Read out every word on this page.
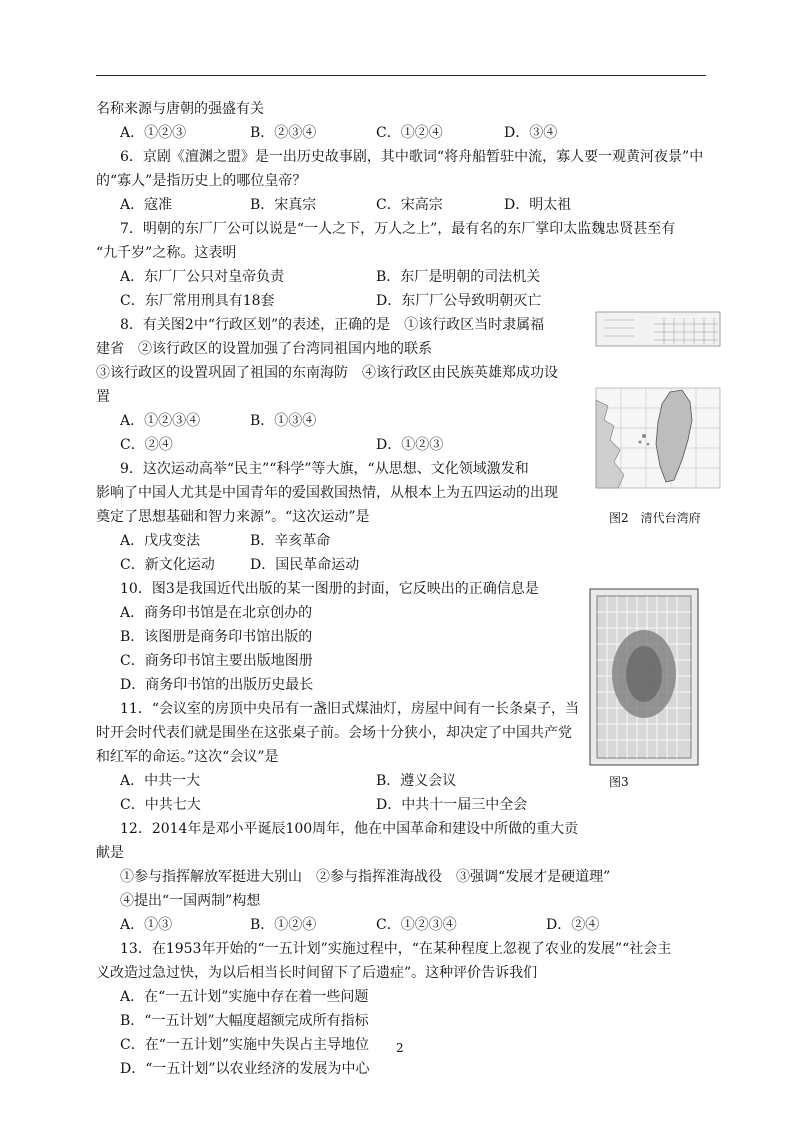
名称来源与唐朝的强盛有关
A．①②③	B．②③④	C．①②④	D．③④
6．京剧《澶渊之盟》是一出历史故事剧，其中歌词“将舟船暂驻中流，寡人要一观黄河夜景”中
的“寡人”是指历史上的哪位皇帝？
A．寇准	B．宋真宗	C．宋高宗	D．明太祖
7．明朝的东厂厂公可以说是“一人之下，万人之上”，最有名的东厂掌印太监魏忠贤甚至有
“九千岁”之称。这表明
A．东厂厂公只对皇帝负责	B．东厂是明朝的司法机关
C．东厂常用刑具有18套	D．东厂厂公导致明朝灭亡
8．有关图2中“行政区划”的表述，正确的是　①该行政区当时隶属福
建省　②该行政区的设置加强了台湾同祖国内地的联系
③该行政区的设置巩固了祖国的东南海防　④该行政区由民族英雄郑成功设
置
A．①②③④	B．①③④
C．②④	D．①②③
9．这次运动高举“民主”“科学”等大旗，“从思想、文化领域激发和
影响了中国人尤其是中国青年的爱国救国热情，从根本上为五四运动的出现
奠定了思想基础和智力来源”。“这次运动”是
A．戊戌变法	B．辛亥革命
C．新文化运动	D．国民革命运动
10．图3是我国近代出版的某一图册的封面，它反映出的正确信息是
A．商务印书馆是在北京创办的
B．该图册是商务印书馆出版的
C．商务印书馆主要出版地图册
D．商务印书馆的出版历史最长
11．“会议室的房顶中央吊有一盏旧式煤油灯，房屋中间有一长条桌子，当
时开会时代表们就是围坐在这张桌子前。会场十分狭小，却决定了中国共产党
和红军的命运。”这次“会议”是
A．中共一大	B．遵义会议
C．中共七大	D．中共十一届三中全会
12．2014年是邓小平诞辰100周年，他在中国革命和建设中所做的重大贡
献是
①参与指挥解放军挺进大别山　②参与指挥淮海战役　③强调“发展才是硬道理”
④提出“一国两制”构想
A．①③	B．①②④	C．①②③④	D．②④
13．在1953年开始的“一五计划”实施过程中，“在某种程度上忽视了农业的发展”“社会主
义改造过急过快，为以后相当长时间留下了后遗症”。这种评价告诉我们
A．在“一五计划”实施中存在着一些问题
B．“一五计划”大幅度超额完成所有指标
C．在“一五计划”实施中失误占主导地位
D．“一五计划”以农业经济的发展为中心
图2　清代台湾府
图3
2
